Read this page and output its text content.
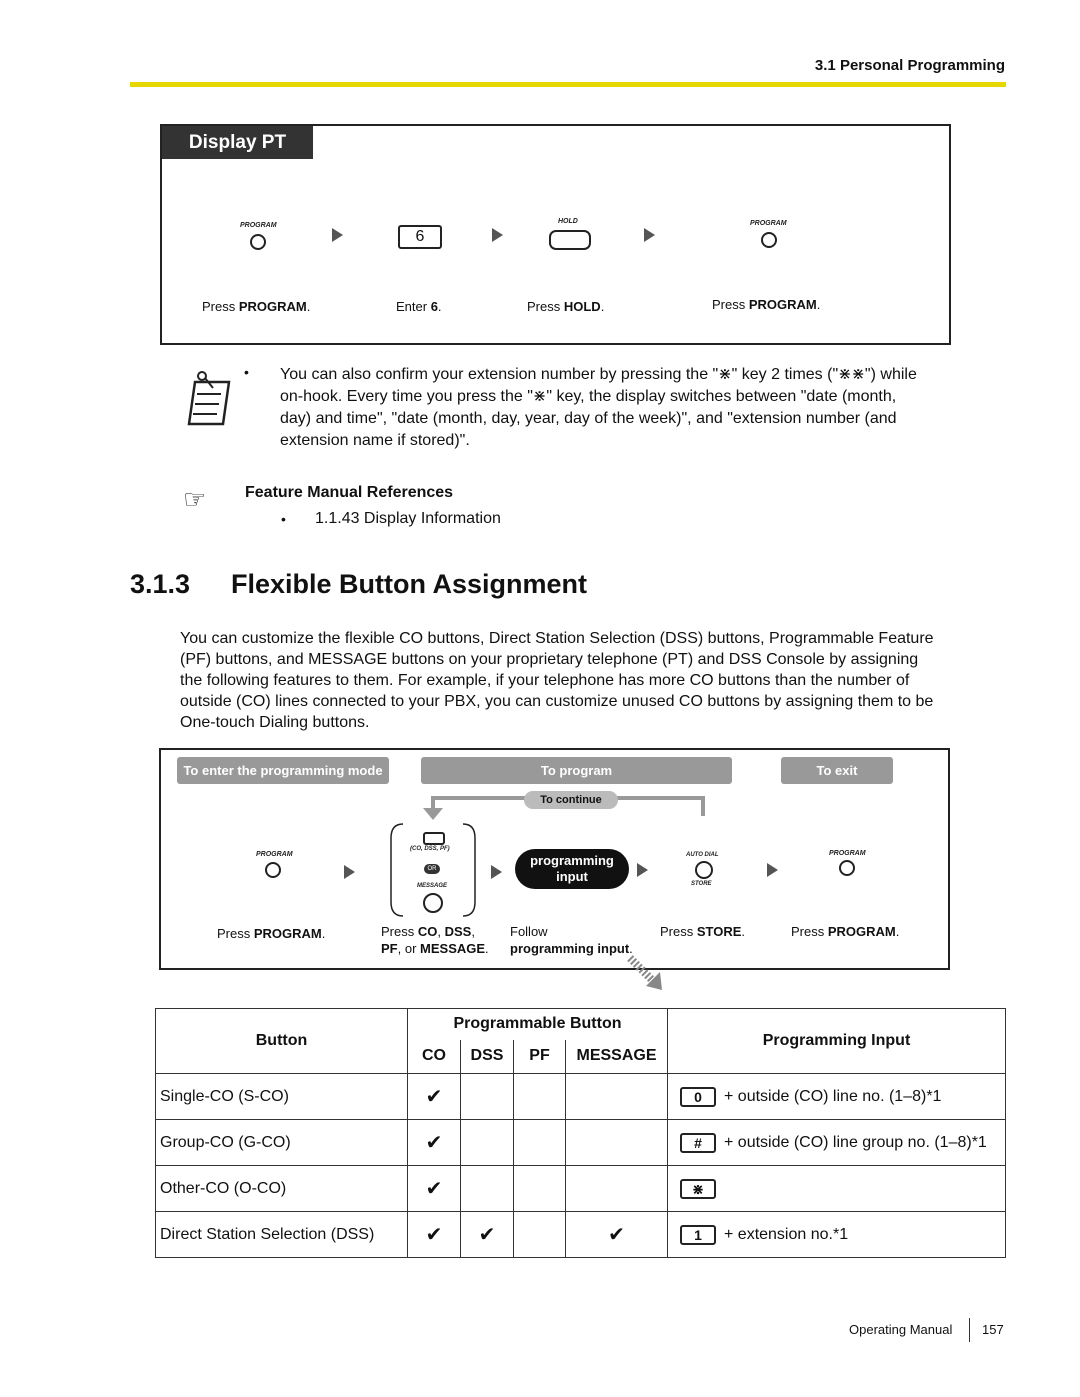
3.1 Personal Programming
Display PT
PROGRAM
6
HOLD	PROGRAM
Press PROGRAM.	Enter 6.	Press HOLD.	Press PROGRAM.
• You can also confirm your extension number by pressing the "⋇" key 2 times ("⋇⋇") while
on-hook. Every time you press the "⋇" key, the display switches between "date (month,
day) and time", "date (month, day, year, day of the week)", and "extension number (and
extension name if stored)".
☞ Feature Manual References
• 1.1.43 Display Information
3.1.3 Flexible Button Assignment
You can customize the flexible CO buttons, Direct Station Selection (DSS) buttons, Programmable Feature
(PF) buttons, and MESSAGE buttons on your proprietary telephone (PT) and DSS Console by assigning
the following features to them. For example, if your telephone has more CO buttons than the number of
outside (CO) lines connected to your PBX, you can customize unused CO buttons by assigning them to be
One-touch Dialing buttons.
To enter the programming mode	To program	To exit
To continue
PROGRAM
(CO, DSS, PF)
OR
MESSAGE
programming
input
AUTO DIAL
STORE
PROGRAM
Press PROGRAM.	Press CO, DSS,
PF, or MESSAGE.
Follow
programming input.
Press STORE.	Press PROGRAM.
Button	Programmable Button				Programming Input
	CO	DSS	PF	MESSAGE	
Single-CO (S-CO)	✔				0 + outside (CO) line no. (1–8)*1
Group-CO (G-CO)	✔				# + outside (CO) line group no. (1–8)*1
Other-CO (O-CO)	✔				⋇
Direct Station Selection (DSS)	✔	✔		✔	1 + extension no.*1
Operating Manual 157
